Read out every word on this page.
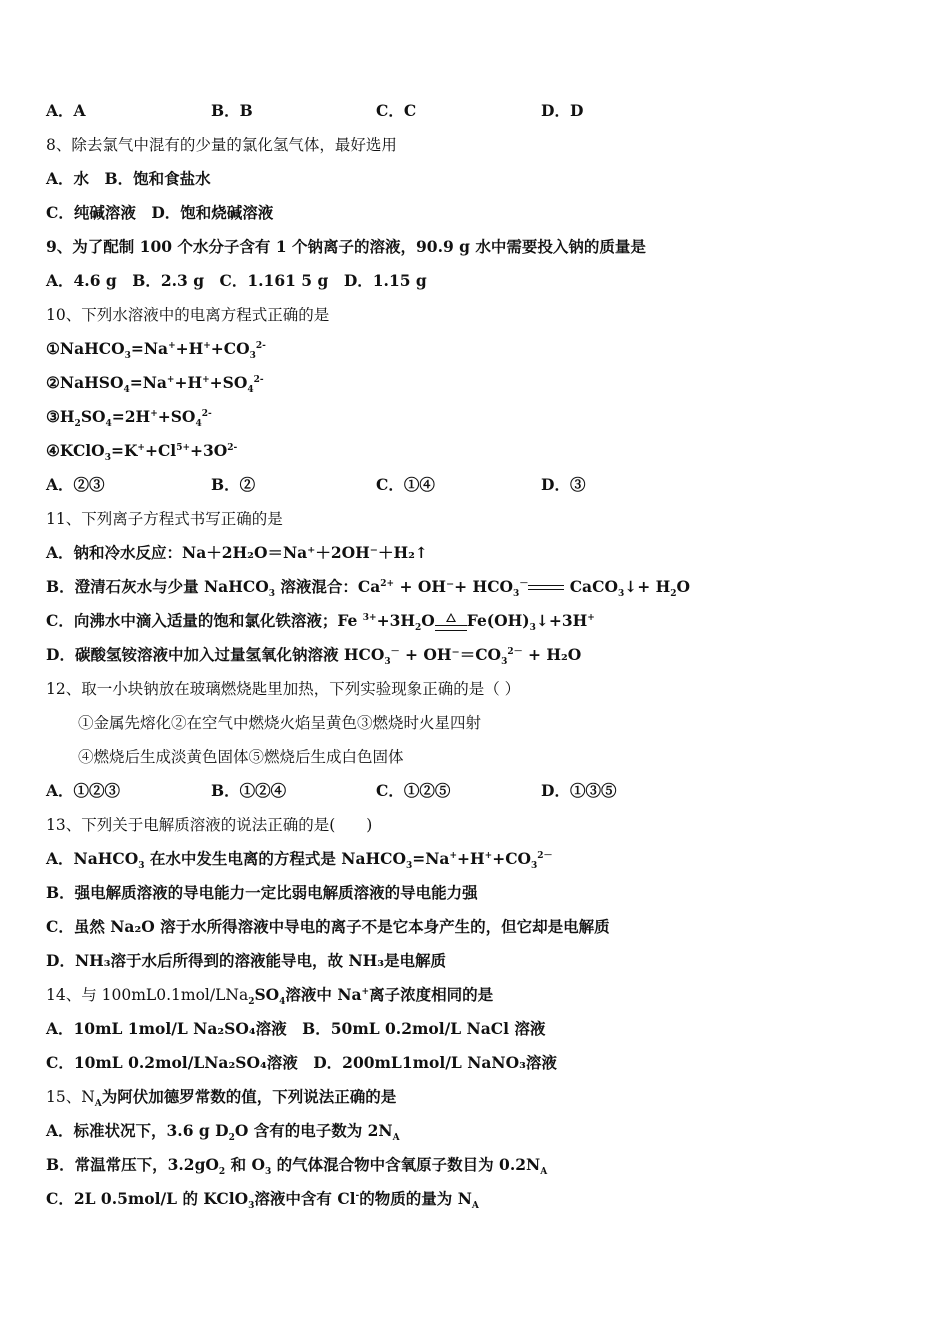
A．A	B．B	C．C	D．D
8、除去氯气中混有的少量的氯化氢气体，最好选用
A．水　B．饱和食盐水
C．纯碱溶液　D．饱和烧碱溶液
9、为了配制 100 个水分子含有 1 个钠离子的溶液，90.9 g 水中需要投入钠的质量是
A．4.6 g　B．2.3 g　C．1.161 5 g　D．1.15 g
10、下列水溶液中的电离方程式正确的是
$①NaHCO_3=Na^++H^++CO_3^{2-}$
$②NaHSO_4=Na^++H^++SO_4^{2-}$
$③H_2SO_4=2H^++SO_4^{2-}$
$④KClO_3=K^++Cl^{5+}+3O^{2-}$
A．②③	B．②	C．①④	D．③
11、下列离子方程式书写正确的是
A．钠和冷水反应：Na＋2H₂O＝Na⁺＋2OH⁻＋H₂↑
B．澄清石灰水与少量 NaHCO$_3$ 溶液混合：$Ca^{2+} + OH^-+ HCO_3^-$ CaCO$_3$↓+ $H_2O$
C．向沸水中滴入适量的饱和氯化铁溶液；Fe $^{3+}+3H_2O$ $Fe(OH)_3↓+3H^+$
D．碳酸氢铵溶液中加入过量氢氧化钠溶液 $HCO_3^- + OH^-=CO_3^{2-} + H_2O$
12、取一小块钠放在玻璃燃烧匙里加热，下列实验现象正确的是（ ）
①金属先熔化②在空气中燃烧火焰呈黄色③燃烧时火星四射
④燃烧后生成淡黄色固体⑤燃烧后生成白色固体
A．①②③	B．①②④	C．①②⑤	D．①③⑤
13、下列关于电解质溶液的说法正确的是(　　)
A．NaHCO$_3$ 在水中发生电离的方程式是 $NaHCO_3=Na^++H^++CO_3^{2-}$
B．强电解质溶液的导电能力一定比弱电解质溶液的导电能力强
C．虽然 Na₂O 溶于水所得溶液中导电的离子不是它本身产生的，但它却是电解质
D．NH₃溶于水后所得到的溶液能导电，故 NH₃是电解质
14、与 $100mL0.1mol/LNa_2SO_4$溶液中 Na+离子浓度相同的是
A．10mL 1mol/L Na₂SO₄溶液　B．50mL 0.2mol/L NaCl 溶液
C．10mL 0.2mol/LNa₂SO₄溶液　D．200mL1mol/L NaNO₃溶液
15、$N_A$为阿伏加德罗常数的值，下列说法正确的是
A．标准状况下，3.6 g $D_2O$ 含有的电子数为 $2N_A$
B．常温常压下，$3.2gO_2$ 和 $O_3$ 的气体混合物中含氧原子数目为 $0.2N_A$
C．2L 0.5mol/L 的 KClO$_3$溶液中含有 Cl-的物质的量为 $N_A$
